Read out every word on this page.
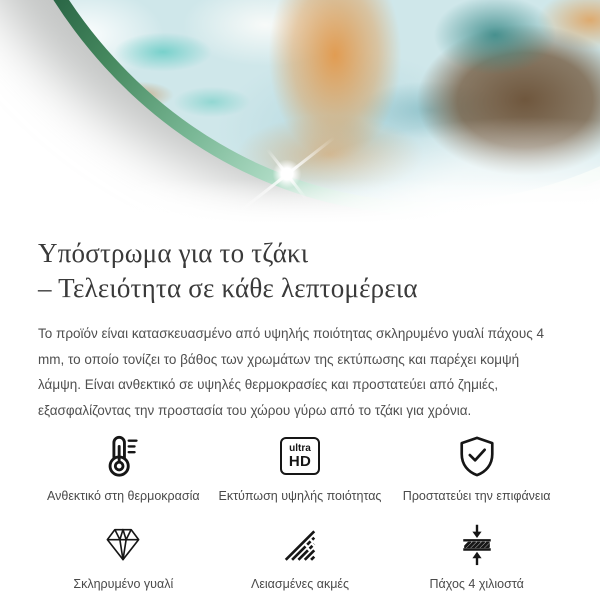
Υπόστρωμα για το τζάκι
– Τελειότητα σε κάθε λεπτομέρεια

Το προϊόν είναι κατασκευασμένο από υψηλής ποιότητας σκληρυμένο γυαλί πάχους 4 mm, το οποίο τονίζει το βάθος των χρωμάτων της εκτύπωσης και παρέχει κομψή λάμψη. Είναι ανθεκτικό σε υψηλές θερμοκρασίες και προστατεύει από ζημιές, εξασφαλίζοντας την προστασία του χώρου γύρω από το τζάκι για χρόνια.

Ανθεκτικό στη θερμοκρασία
ultra
HD
Εκτύπωση υψηλής ποιότητας Προστατεύει την επιφάνεια
Σκληρυμένο γυαλί	Λειασμένες ακμές	Πάχος 4 χιλιοστά
